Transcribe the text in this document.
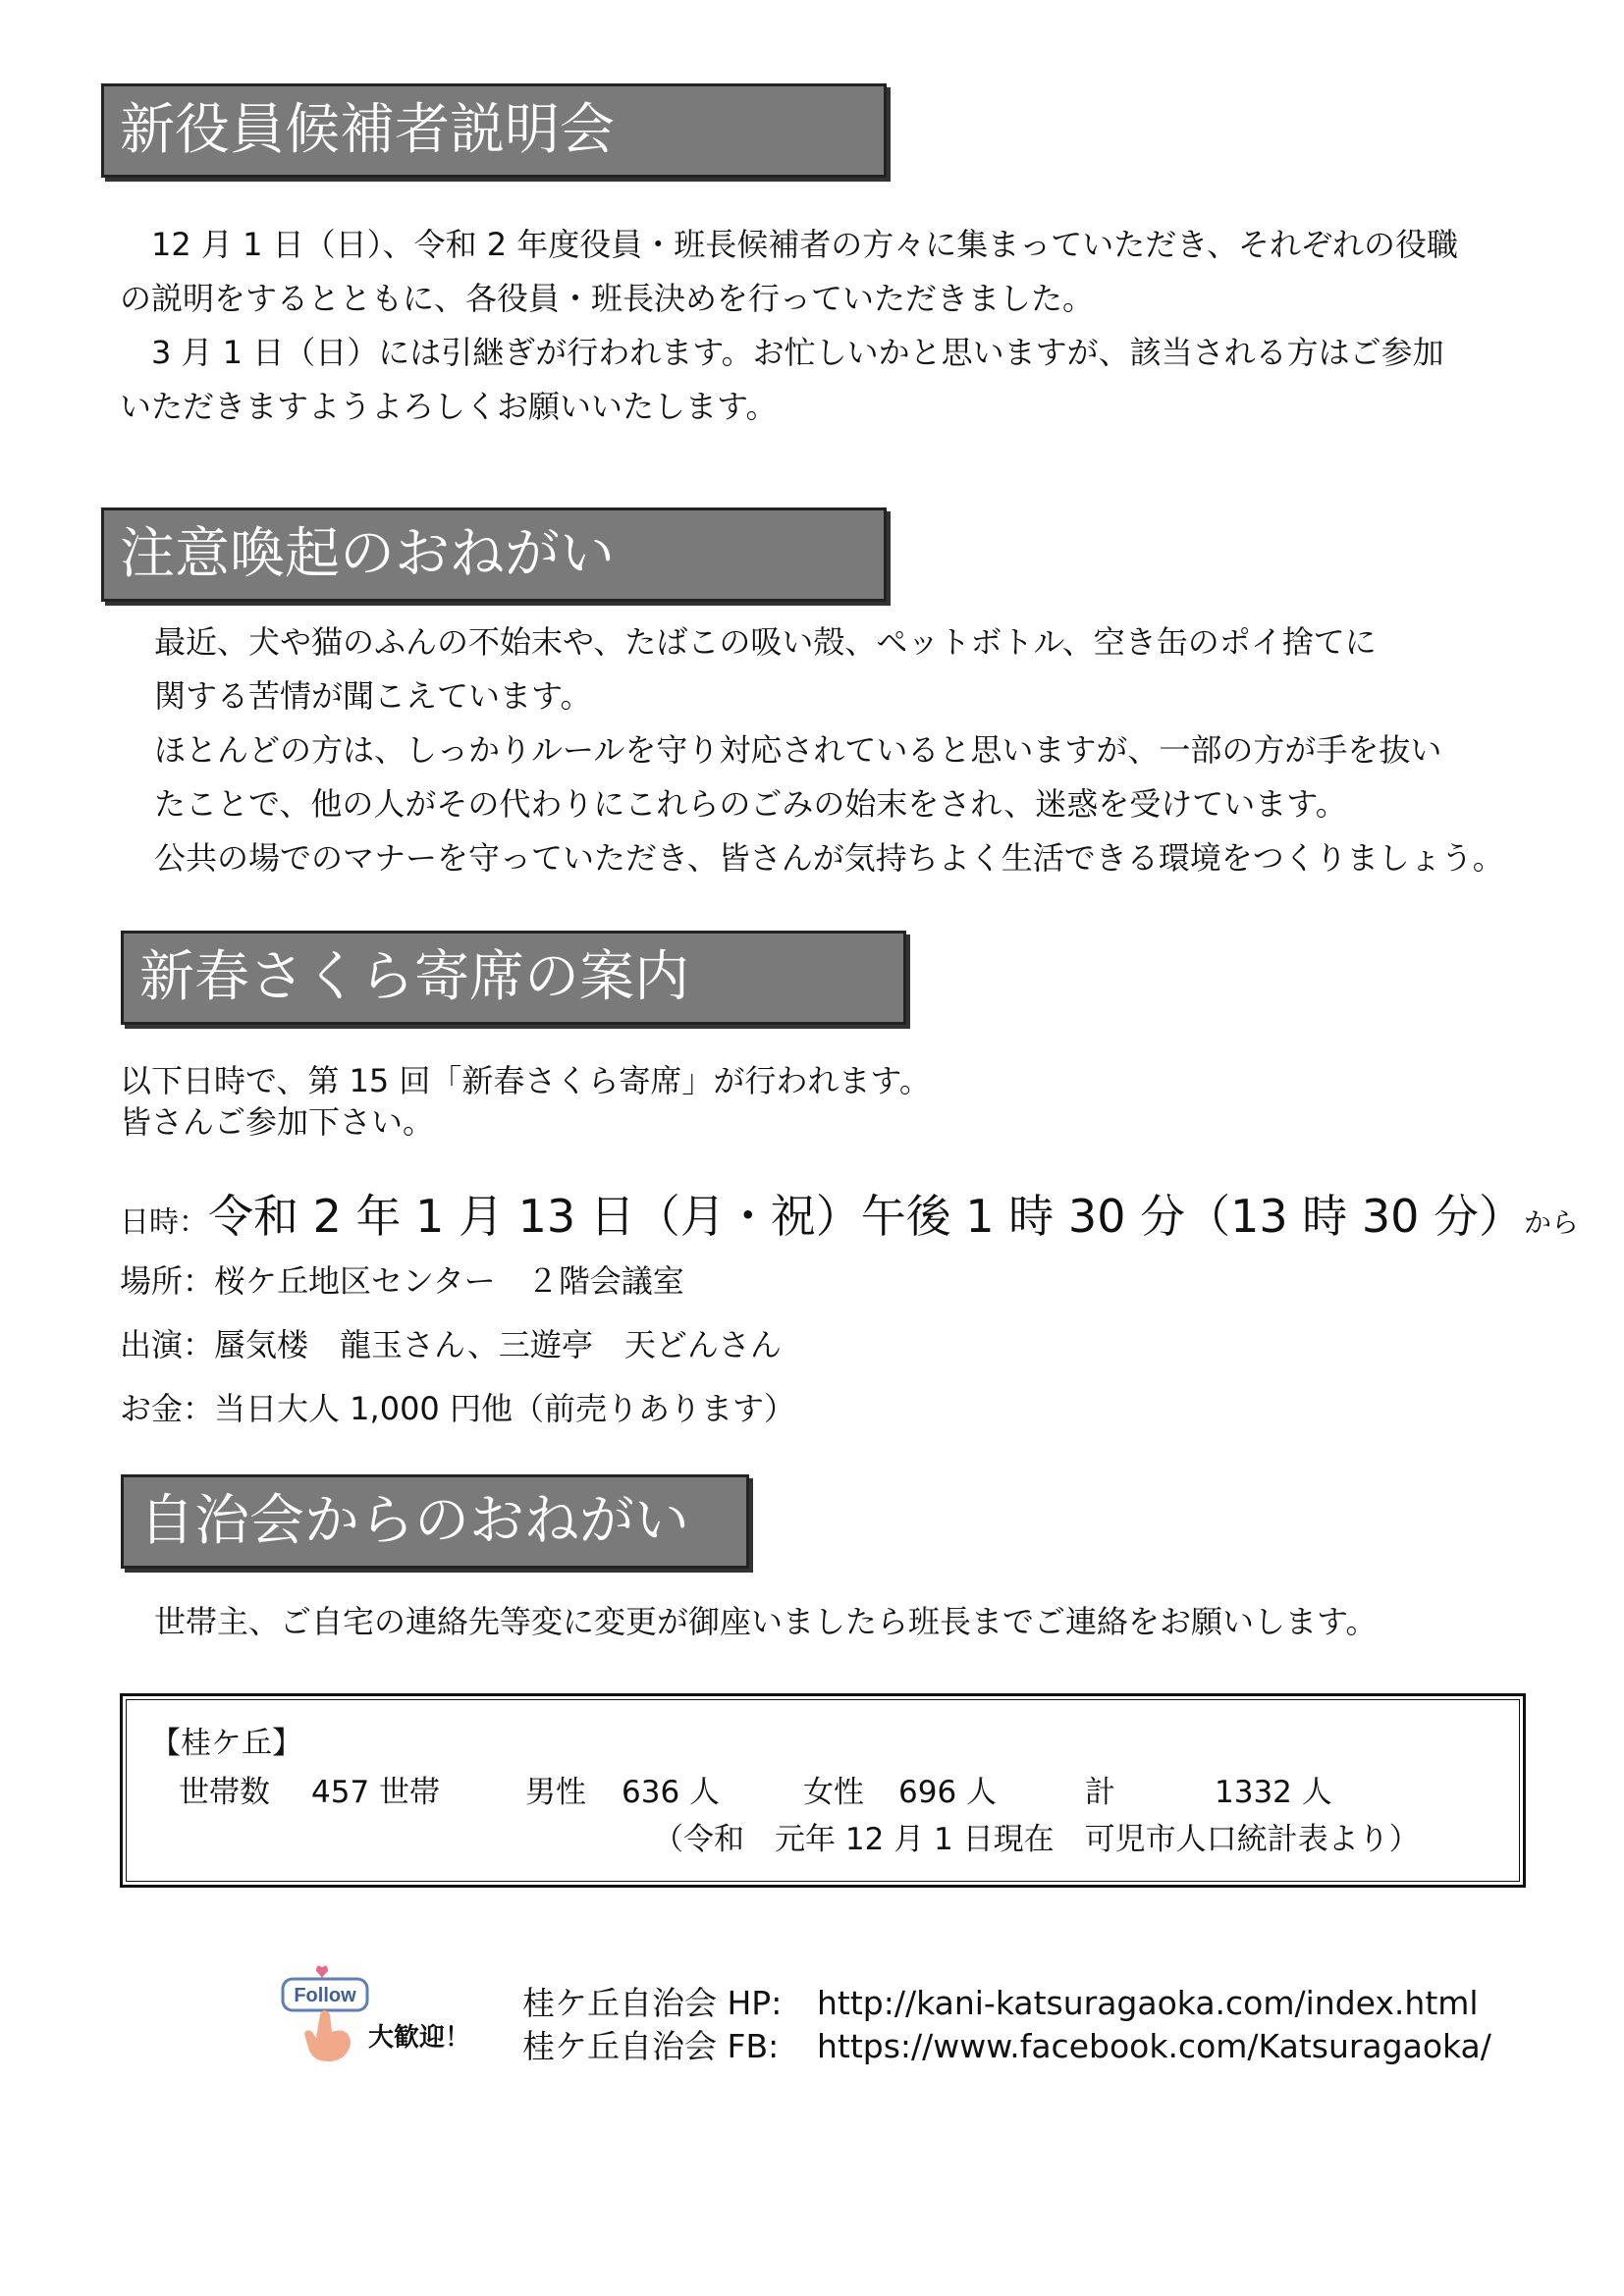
新役員候補者説明会

12 月 1 日（日）、令和 2 年度役員・班長候補者の方々に集まっていただき、それぞれの役職

の説明をするとともに、各役員・班長決めを行っていただきました。

3 月 1 日（日）には引継ぎが行われます。お忙しいかと思いますが、該当される方はご参加

いただきますようよろしくお願いいたします。

注意喚起のおねがい

最近、犬や猫のふんの不始末や、たばこの吸い殻、ペットボトル、空き缶のポイ捨てに

関する苦情が聞こえています。

ほとんどの方は、しっかりルールを守り対応されていると思いますが、一部の方が手を抜い

たことで、他の人がその代わりにこれらのごみの始末をされ、迷惑を受けています。

公共の場でのマナーを守っていただき、皆さんが気持ちよく生活できる環境をつくりましょう。

新春さくら寄席の案内

以下日時で、第 15 回「新春さくら寄席」が行われます。

皆さんご参加下さい。

日時：令和 2 年 1 月 13 日（月・祝）午後 1 時 30 分（13 時 30 分）から
場所：桜ケ丘地区センター　２階会議室
出演：蜃気楼　龍玉さん、三遊亭　天どんさん
お金：当日大人 1,000 円他（前売りあります）
自治会からのおねがい
世帯主、ご自宅の連絡先等変に変更が御座いましたら班長までご連絡をお願いします。
【桂ケ丘】
世帯数 457 世帯	男性 636 人	女性 696 人	計	1332 人
（令和　元年 12 月 1 日現在　可児市人口統計表より）
Follow
大歓迎！
桂ケ丘自治会 HP: http://kani-katsuragaoka.com/index.html
桂ケ丘自治会 FB: https://www.facebook.com/Katsuragaoka/
